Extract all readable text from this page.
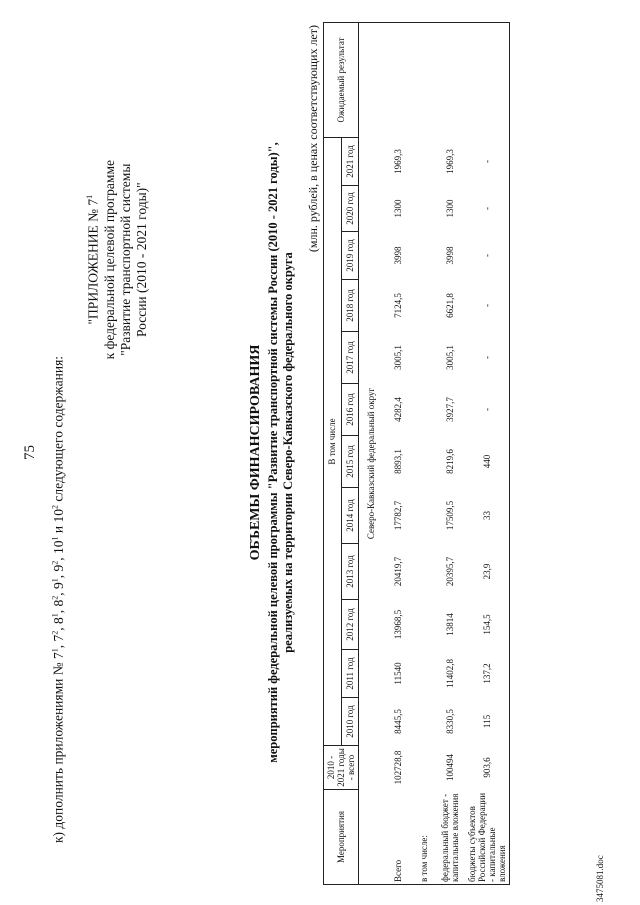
75
к) дополнить приложениями № $7^1$, $7^2$, $8^1$, $8^2$, $9^1$, $9^2$, $10^1$ и $10^2$ следующего содержания:
"ПРИЛОЖЕНИЕ № $7^1$ к федеральной целевой программе "Развитие транспортной системы России (2010 - 2021 годы)"
ОБЪЕМЫ ФИНАНСИРОВАНИЯ мероприятий федеральной целевой программы "Развитие транспортной системы России (2010 - 2021 годы)", реализуемых на территории Северо-Кавказского федерального округа
(млн. рублей, в ценах соответствующих лет)
Мероприятия	2010 - 2021 годы - всего	В том числе												Ожидаемый результат
		2010 год	2011 год	2012 год	2013 год	2014 год	2015 год	2016 год	2017 год	2018 год	2019 год	2020 год	2021 год	
	Северо-Кавказский федеральный округ													
Всего	102728,8	8445,5	11540	13968,5	20419,7	17782,7	8893,1	4282,4	3005,1	7124,5	3998	1300	1969,3	
в том числе:														
федеральный бюджет - капитальные вложения	100494	8330,5	11402,8	13814	20395,7	17509,5	8219,6	3927,7	3005,1	6621,8	3998	1300	1969,3	
бюджеты субъектов Российской Федерации - капитальные вложения	903,6	115	137,2	154,5	23,9	33	440	-	-	-	-	-	-	
3475081.doc
